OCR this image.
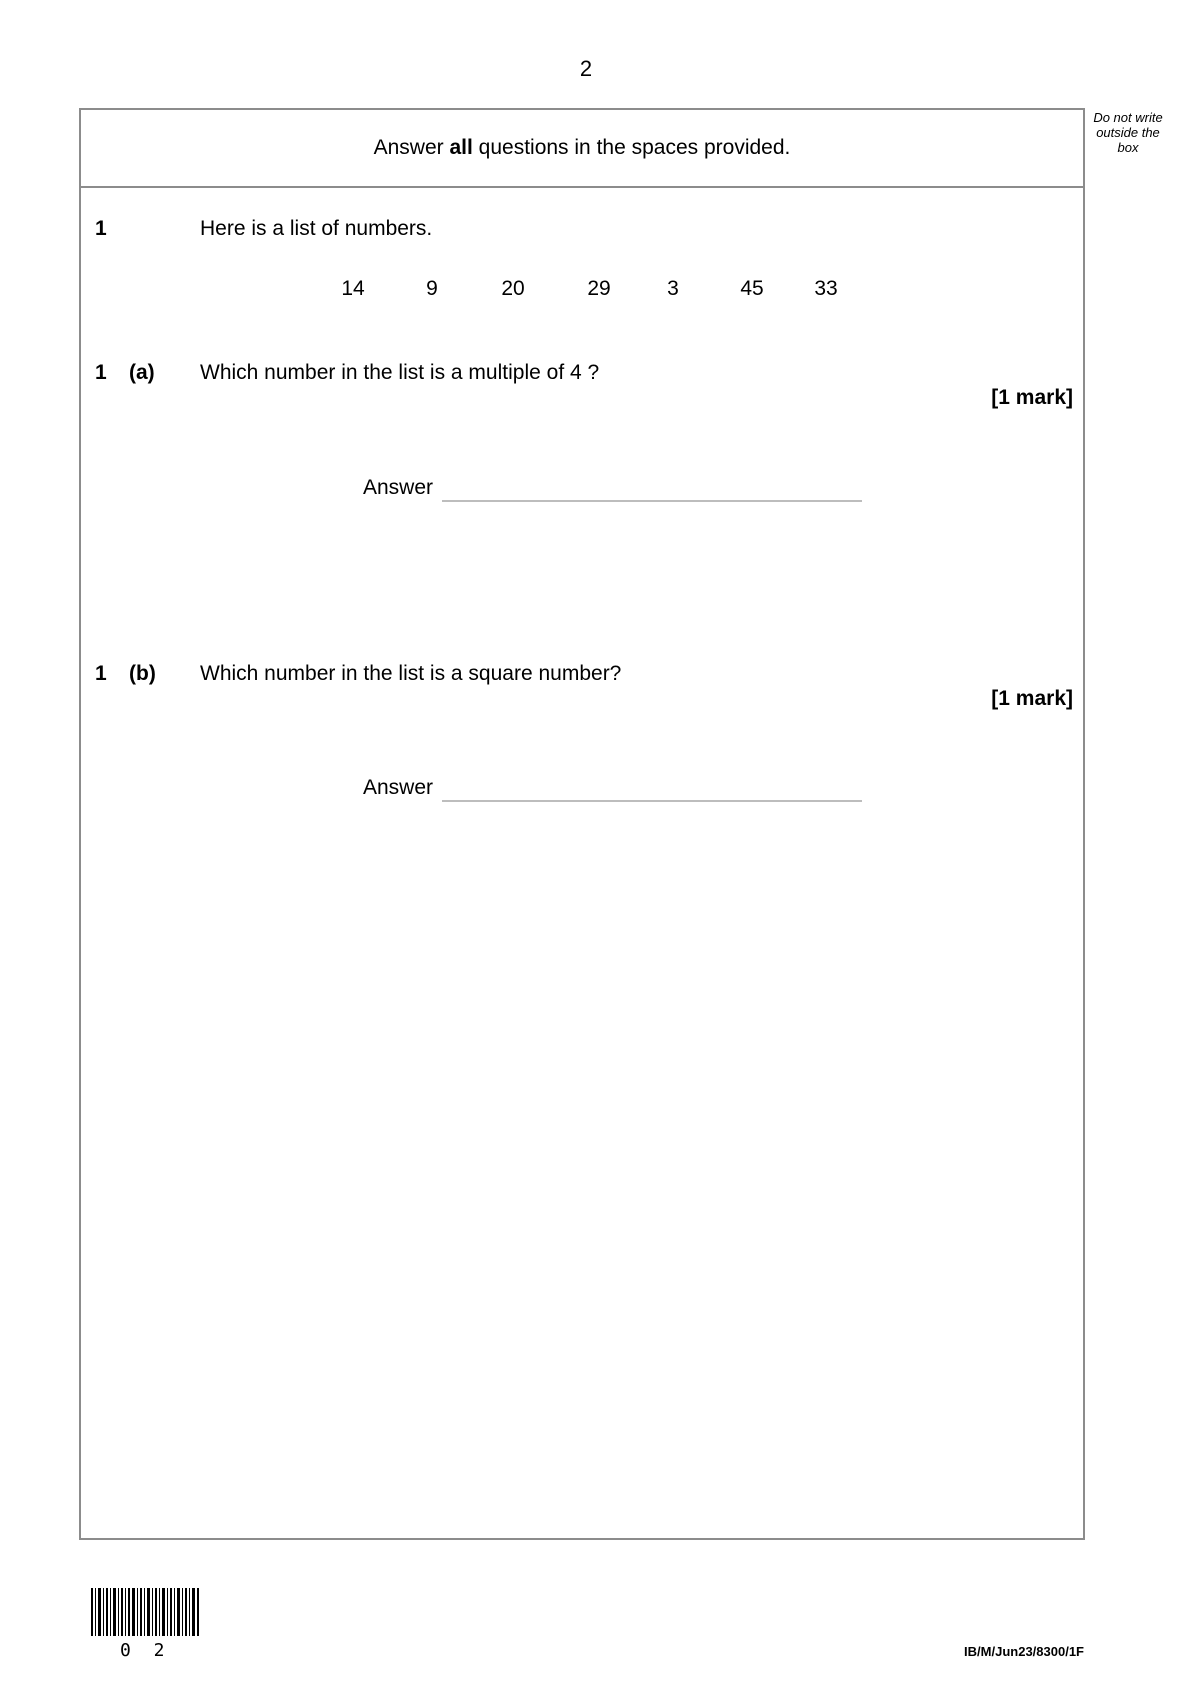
2
Do not write outside the box
Answer all questions in the spaces provided.
1	Here is a list of numbers.
14	9	20	29	3	45 33
1 (a) Which number in the list is a multiple of 4 ?
[1 mark]
Answer
1 (b) Which number in the list is a square number?
[1 mark]
Answer
0 2	IB/M/Jun23/8300/1F
